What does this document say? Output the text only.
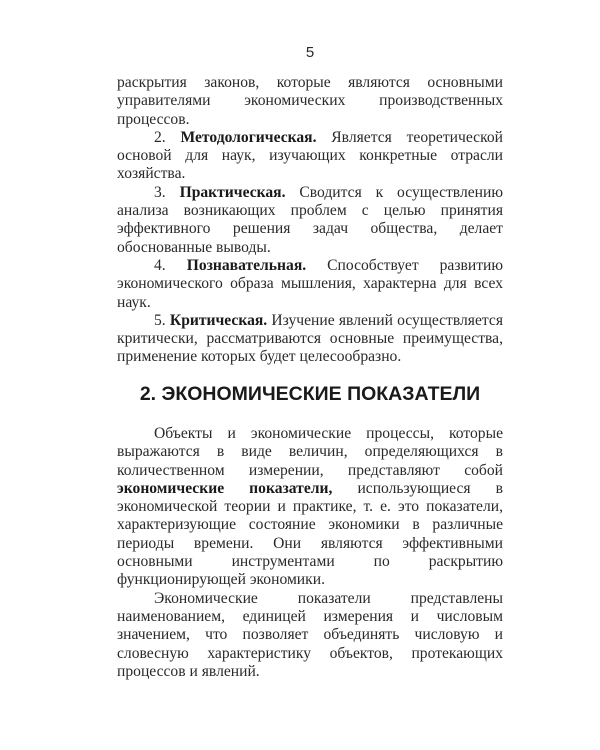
5
раскрытия законов, которые являются основными
управителями экономических производственных
процессов.
2. Методологическая. Является теоретической
основой для наук, изучающих конкретные отрасли
хозяйства.
3. Практическая. Сводится к осуществлению
анализа возникающих проблем с целью принятия
эффективного решения задач общества, делает
обоснованные выводы.
4. Познавательная. Способствует развитию
экономического образа мышления, характерна для всех
наук.
5. Критическая. Изучение явлений осуществляется
критически, рассматриваются основные преимущества,
применение которых будет целесообразно.
2. ЭКОНОМИЧЕСКИЕ ПОКАЗАТЕЛИ
Объекты и экономические процессы, которые
выражаются в виде величин, определяющихся в
количественном измерении, представляют собой
экономические показатели, использующиеся в
экономической теории и практике, т. е. это показатели,
характеризующие состояние экономики в различные
периоды времени. Они являются эффективными
основными инструментами по раскрытию
функционирующей экономики.
Экономические показатели представлены
наименованием, единицей измерения и числовым
значением, что позволяет объединять числовую и
словесную характеристику объектов, протекающих
процессов и явлений.
